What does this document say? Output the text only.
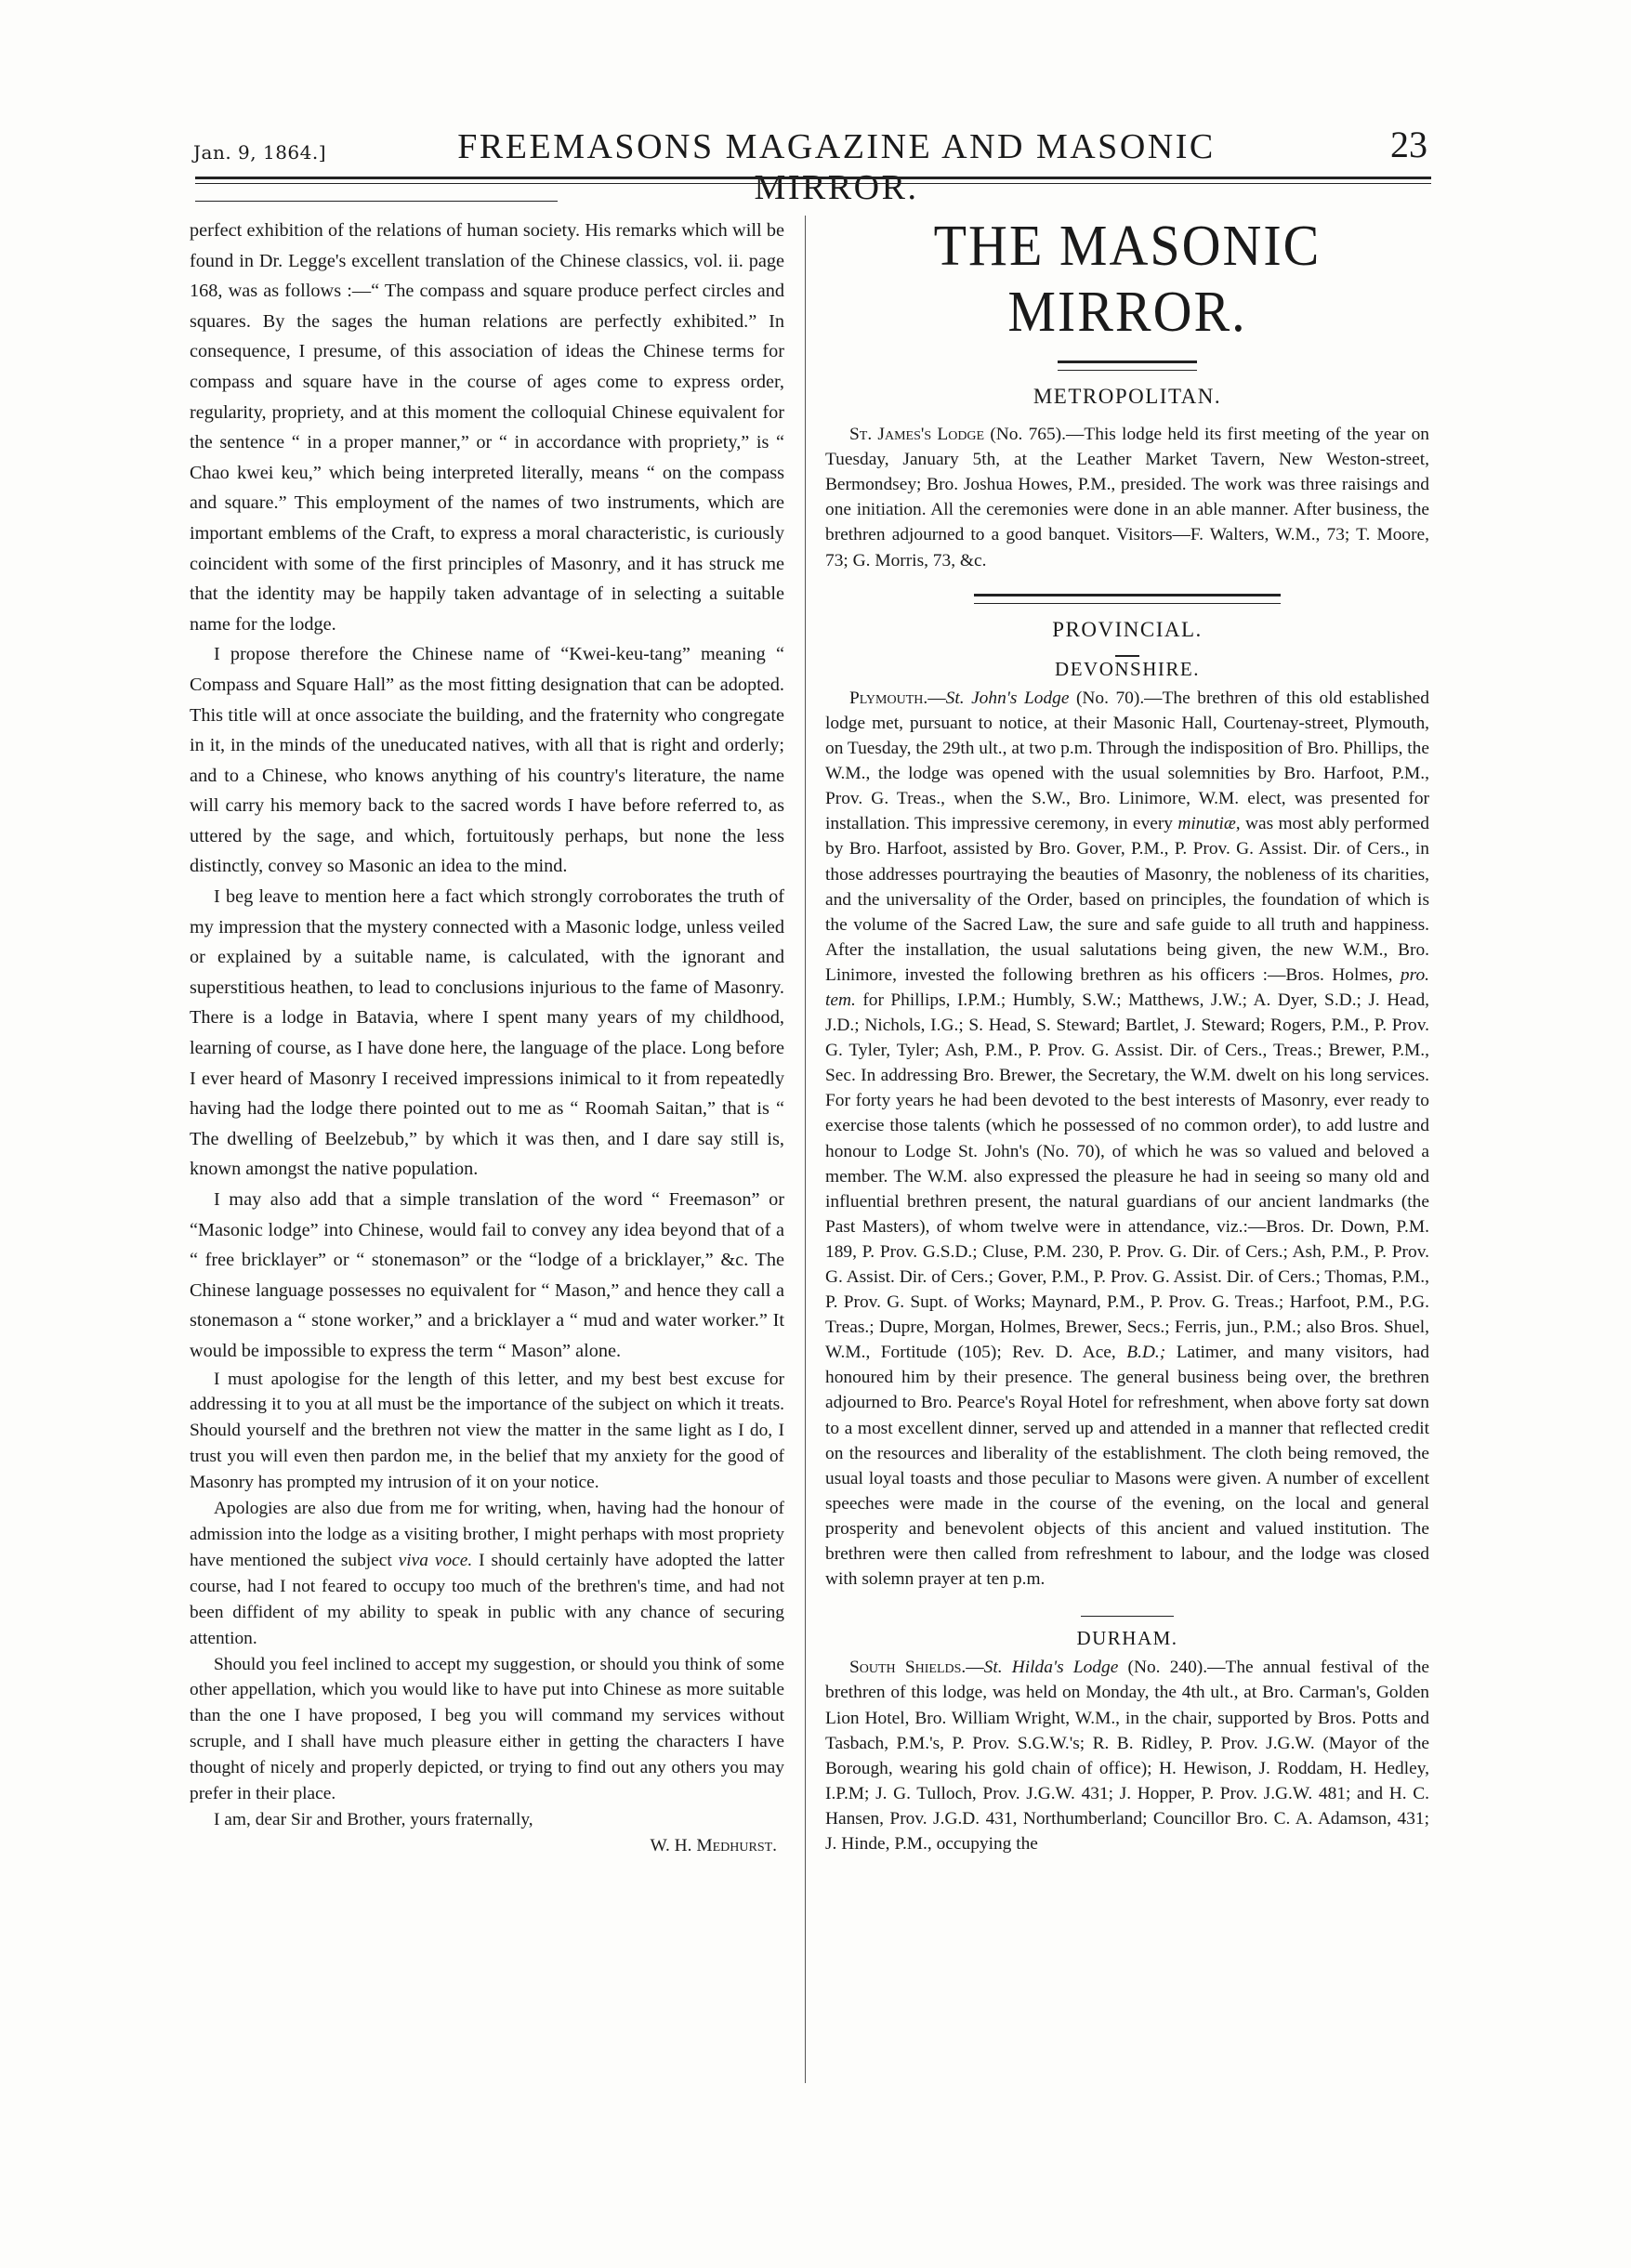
Jan. 9, 1864.]	FREEMASONS MAGAZINE AND MASONIC MIRROR.
23

perfect exhibition of the relations of human society. His remarks which will be found in Dr. Legge's excellent translation of the Chinese classics, vol. ii. page 168, was as follows :—“ The compass and square produce perfect circles and squares. By the sages the human relations are perfectly exhibited.” In consequence, I presume, of this association of ideas the Chinese terms for compass and square have in the course of ages come to express order, regularity, propriety, and at this moment the colloquial Chinese equivalent for the sentence “ in a proper manner,” or “ in accordance with propriety,” is “ Chao kwei keu,” which being interpreted literally, means “ on the compass and square.” This employment of the names of two instruments, which are important emblems of the Craft, to express a moral characteristic, is curiously coincident with some of the first principles of Masonry, and it has struck me that the identity may be happily taken advantage of in selecting a suitable name for the lodge.

I propose therefore the Chinese name of “Kwei-keu-tang” meaning “ Compass and Square Hall” as the most fitting designation that can be adopted. This title will at once associate the building, and the fraternity who congregate in it, in the minds of the uneducated natives, with all that is right and orderly; and to a Chinese, who knows anything of his country's literature, the name will carry his memory back to the sacred words I have before referred to, as uttered by the sage, and which, fortuitously perhaps, but none the less distinctly, convey so Masonic an idea to the mind.

I beg leave to mention here a fact which strongly corroborates the truth of my impression that the mystery connected with a Masonic lodge, unless veiled or explained by a suitable name, is calculated, with the ignorant and superstitious heathen, to lead to conclusions injurious to the fame of Masonry. There is a lodge in Batavia, where I spent many years of my childhood, learning of course, as I have done here, the language of the place. Long before I ever heard of Masonry I received impressions inimical to it from repeatedly having had the lodge there pointed out to me as “ Roomah Saitan,” that is “ The dwelling of Beelzebub,” by which it was then, and I dare say still is, known amongst the native population.

I may also add that a simple translation of the word “ Freemason” or “Masonic lodge” into Chinese, would fail to convey any idea beyond that of a “ free bricklayer” or “ stonemason” or the “lodge of a bricklayer,” &c. The Chinese language possesses no equivalent for “ Mason,” and hence they call a stonemason a “ stone worker,” and a bricklayer a “ mud and water worker.” It would be impossible to express the term “ Mason” alone.

I must apologise for the length of this letter, and my best best excuse for addressing it to you at all must be the importance of the subject on which it treats. Should yourself and the brethren not view the matter in the same light as I do, I trust you will even then pardon me, in the belief that my anxiety for the good of Masonry has prompted my intrusion of it on your notice.

Apologies are also due from me for writing, when, having had the honour of admission into the lodge as a visiting brother, I might perhaps with most propriety have mentioned the subject viva voce. I should certainly have adopted the latter course, had I not feared to occupy too much of the brethren's time, and had not been diffident of my ability to speak in public with any chance of securing attention.

Should you feel inclined to accept my suggestion, or should you think of some other appellation, which you would like to have put into Chinese as more suitable than the one I have proposed, I beg you will command my services without scruple, and I shall have much pleasure either in getting the characters I have thought of nicely and properly depicted, or trying to find out any others you may prefer in their place.

I am, dear Sir and Brother, yours fraternally,

W. H. Medhurst.

THE MASONIC MIRROR.
METROPOLITAN.

St. James's Lodge (No. 765).—This lodge held its first meeting of the year on Tuesday, January 5th, at the Leather Market Tavern, New Weston-street, Bermondsey; Bro. Joshua Howes, P.M., presided. The work was three raisings and one initiation. All the ceremonies were done in an able manner. After business, the brethren adjourned to a good banquet. Visitors—F. Walters, W.M., 73; T. Moore, 73; G. Morris, 73, &c.

PROVINCIAL.
DEVONSHIRE.

Plymouth.—St. John's Lodge (No. 70).—The brethren of this old established lodge met, pursuant to notice, at their Masonic Hall, Courtenay-street, Plymouth, on Tuesday, the 29th ult., at two p.m. Through the indisposition of Bro. Phillips, the W.M., the lodge was opened with the usual solemnities by Bro. Harfoot, P.M., Prov. G. Treas., when the S.W., Bro. Linimore, W.M. elect, was presented for installation. This impressive ceremony, in every minutiæ, was most ably performed by Bro. Harfoot, assisted by Bro. Gover, P.M., P. Prov. G. Assist. Dir. of Cers., in those addresses pourtraying the beauties of Masonry, the nobleness of its charities, and the universality of the Order, based on principles, the foundation of which is the volume of the Sacred Law, the sure and safe guide to all truth and happiness. After the installation, the usual salutations being given, the new W.M., Bro. Linimore, invested the following brethren as his officers :—Bros. Holmes, pro. tem. for Phillips, I.P.M.; Humbly, S.W.; Matthews, J.W.; A. Dyer, S.D.; J. Head, J.D.; Nichols, I.G.; S. Head, S. Steward; Bartlet, J. Steward; Rogers, P.M., P. Prov. G. Tyler, Tyler; Ash, P.M., P. Prov. G. Assist. Dir. of Cers., Treas.; Brewer, P.M., Sec. In addressing Bro. Brewer, the Secretary, the W.M. dwelt on his long services. For forty years he had been devoted to the best interests of Masonry, ever ready to exercise those talents (which he possessed of no common order), to add lustre and honour to Lodge St. John's (No. 70), of which he was so valued and beloved a member. The W.M. also expressed the pleasure he had in seeing so many old and influential brethren present, the natural guardians of our ancient landmarks (the Past Masters), of whom twelve were in attendance, viz.:—Bros. Dr. Down, P.M. 189, P. Prov. G.S.D.; Cluse, P.M. 230, P. Prov. G. Dir. of Cers.; Ash, P.M., P. Prov. G. Assist. Dir. of Cers.; Gover, P.M., P. Prov. G. Assist. Dir. of Cers.; Thomas, P.M., P. Prov. G. Supt. of Works; Maynard, P.M., P. Prov. G. Treas.; Harfoot, P.M., P.G. Treas.; Dupre, Morgan, Holmes, Brewer, Secs.; Ferris, jun., P.M.; also Bros. Shuel, W.M., Fortitude (105); Rev. D. Ace, B.D.; Latimer, and many visitors, had honoured him by their presence. The general business being over, the brethren adjourned to Bro. Pearce's Royal Hotel for refreshment, when above forty sat down to a most excellent dinner, served up and attended in a manner that reflected credit on the resources and liberality of the establishment. The cloth being removed, the usual loyal toasts and those peculiar to Masons were given. A number of excellent speeches were made in the course of the evening, on the local and general prosperity and benevolent objects of this ancient and valued institution. The brethren were then called from refreshment to labour, and the lodge was closed with solemn prayer at ten p.m.

DURHAM.

South Shields.—St. Hilda's Lodge (No. 240).—The annual festival of the brethren of this lodge, was held on Monday, the 4th ult., at Bro. Carman's, Golden Lion Hotel, Bro. William Wright, W.M., in the chair, supported by Bros. Potts and Tasbach, P.M.'s, P. Prov. S.G.W.'s; R. B. Ridley, P. Prov. J.G.W. (Mayor of the Borough, wearing his gold chain of office); H. Hewison, J. Roddam, H. Hedley, I.P.M; J. G. Tulloch, Prov. J.G.W. 431; J. Hopper, P. Prov. J.G.W. 481; and H. C. Hansen, Prov. J.G.D. 431, Northumberland; Councillor Bro. C. A. Adamson, 431; J. Hinde, P.M., occupying the
